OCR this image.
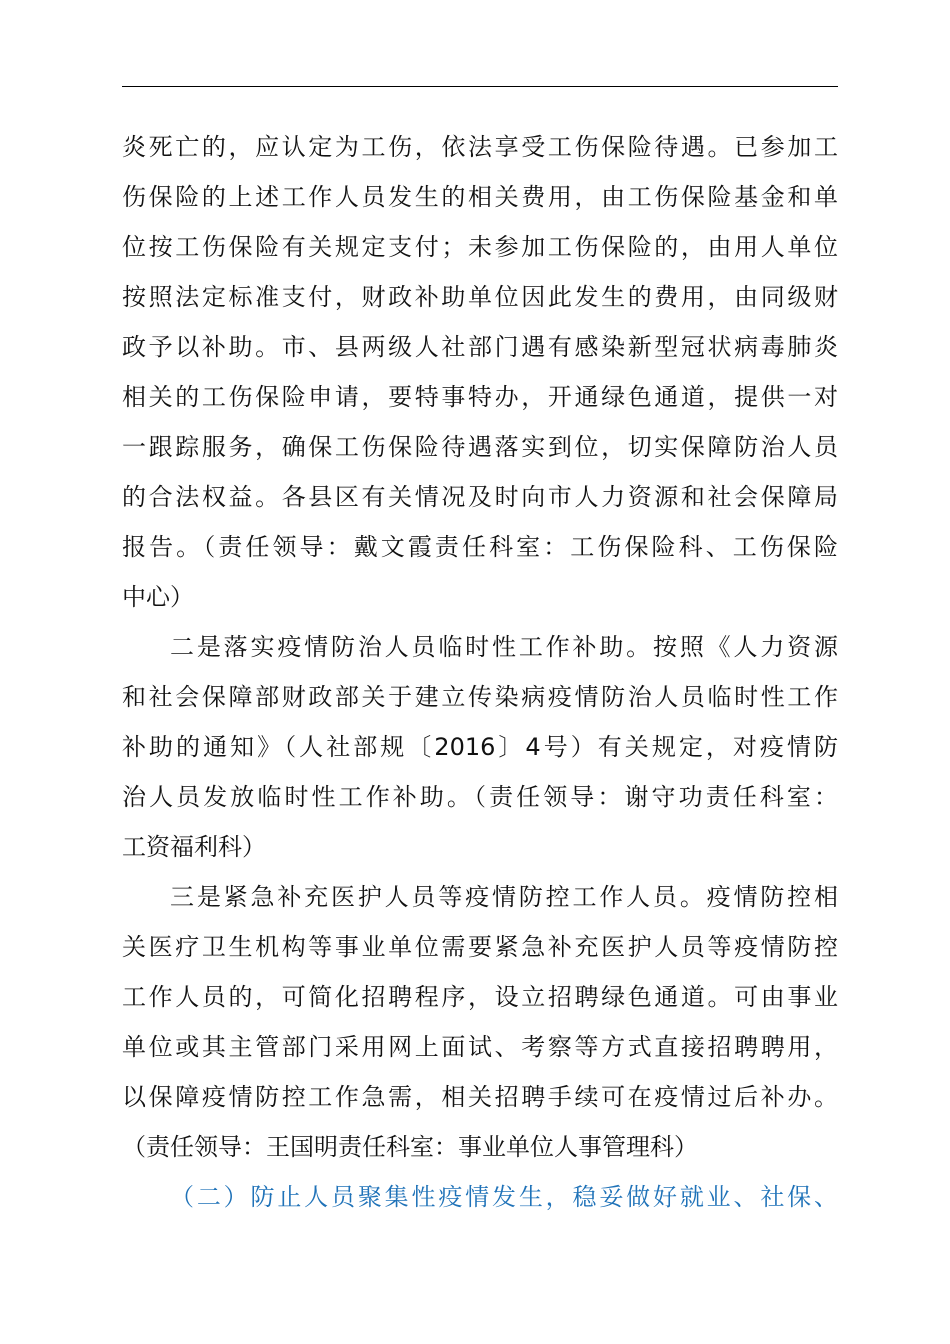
炎死亡的，应认定为工伤，依法享受工伤保险待遇。已参加工
伤保险的上述工作人员发生的相关费用，由工伤保险基金和单
位按工伤保险有关规定支付；未参加工伤保险的，由用人单位
按照法定标准支付，财政补助单位因此发生的费用，由同级财
政予以补助。市、县两级人社部门遇有感染新型冠状病毒肺炎
相关的工伤保险申请，要特事特办，开通绿色通道，提供一对
一跟踪服务，确保工伤保险待遇落实到位，切实保障防治人员
的合法权益。各县区有关情况及时向市人力资源和社会保障局
报告。（责任领导：戴文霞责任科室：工伤保险科、工伤保险
中心）
二是落实疫情防治人员临时性工作补助。按照《人力资源
和社会保障部财政部关于建立传染病疫情防治人员临时性工作
补助的通知》（人社部规〔2016〕4号）有关规定，对疫情防
治人员发放临时性工作补助。（责任领导：谢守功责任科室：
工资福利科）
三是紧急补充医护人员等疫情防控工作人员。疫情防控相
关医疗卫生机构等事业单位需要紧急补充医护人员等疫情防控
工作人员的，可简化招聘程序，设立招聘绿色通道。可由事业
单位或其主管部门采用网上面试、考察等方式直接招聘聘用，
以保障疫情防控工作急需，相关招聘手续可在疫情过后补办。
（责任领导：王国明责任科室：事业单位人事管理科）
（二）防止人员聚集性疫情发生，稳妥做好就业、社保、
